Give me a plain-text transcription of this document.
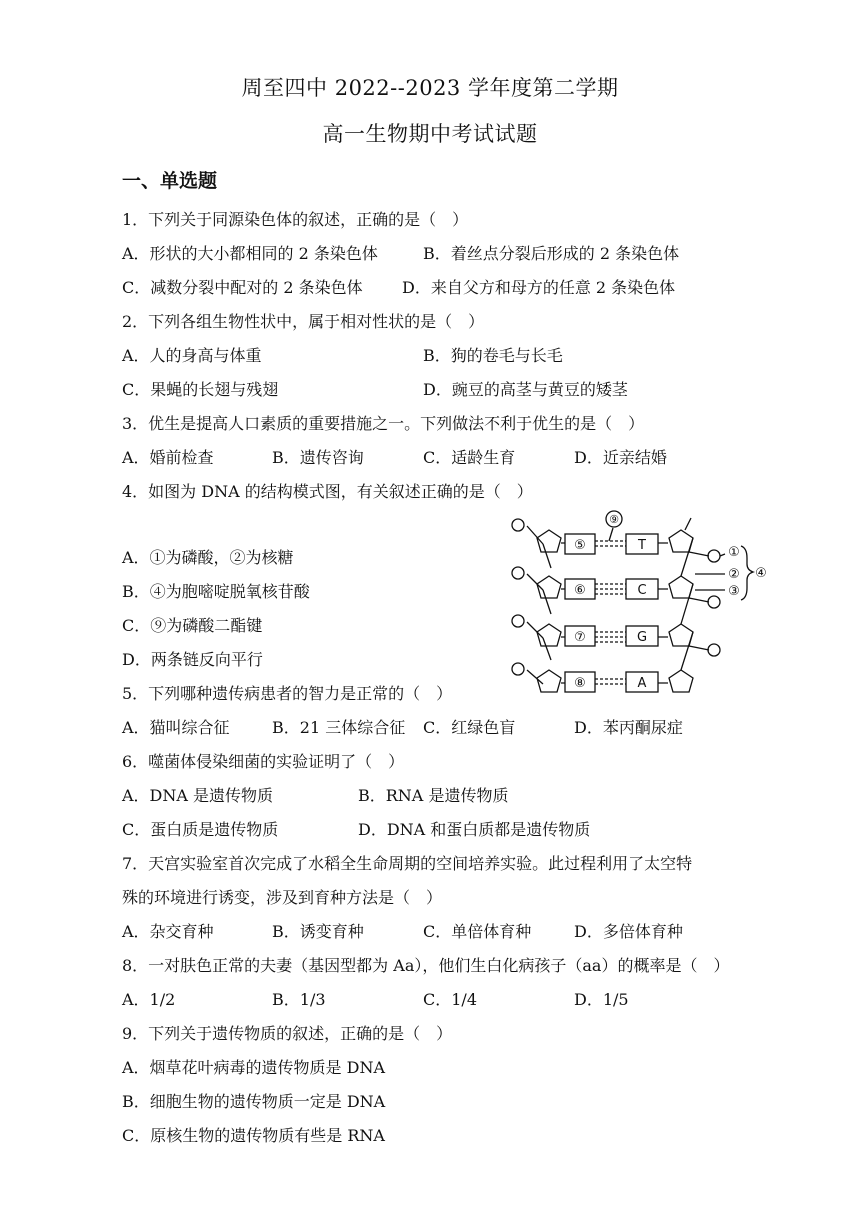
周至四中 2022--2023 学年度第二学期
高一生物期中考试试题
一、单选题
1．下列关于同源染色体的叙述，正确的是（　）
A．形状的大小都相同的 2 条染色体	B．着丝点分裂后形成的 2 条染色体
C．减数分裂中配对的 2 条染色体 D．来自父方和母方的任意 2 条染色体
2．下列各组生物性状中，属于相对性状的是（　）
A．人的身高与体重	B．狗的卷毛与长毛
C．果蝇的长翅与残翅	D．豌豆的高茎与黄豆的矮茎
3．优生是提高人口素质的重要措施之一。下列做法不利于优生的是（　）
A．婚前检查	B．遗传咨询	C．适龄生育	D．近亲结婚
4．如图为 DNA 的结构模式图，有关叙述正确的是（　）
A．①为磷酸，②为核糖
B．④为胞嘧啶脱氧核苷酸
C．⑨为磷酸二酯键
D．两条链反向平行
⑤
⑥
⑦
⑧
T
C
G
A
⑨
①
②
③
④
5．下列哪种遗传病患者的智力是正常的（　）
A．猫叫综合征	B．21 三体综合征 C．红绿色盲	D．苯丙酮尿症
6．噬菌体侵染细菌的实验证明了（　）
A．DNA 是遗传物质	B．RNA 是遗传物质
C．蛋白质是遗传物质	D．DNA 和蛋白质都是遗传物质
7．天宫实验室首次完成了水稻全生命周期的空间培养实验。此过程利用了太空特
殊的环境进行诱变，涉及到育种方法是（　）
A．杂交育种	B．诱变育种	C．单倍体育种	D．多倍体育种
8．一对肤色正常的夫妻（基因型都为 Aa），他们生白化病孩子（aa）的概率是（　）
A．1/2	B．1/3	C．1/4	D．1/5
9．下列关于遗传物质的叙述，正确的是（　）
A．烟草花叶病毒的遗传物质是 DNA
B．细胞生物的遗传物质一定是 DNA
C．原核生物的遗传物质有些是 RNA
